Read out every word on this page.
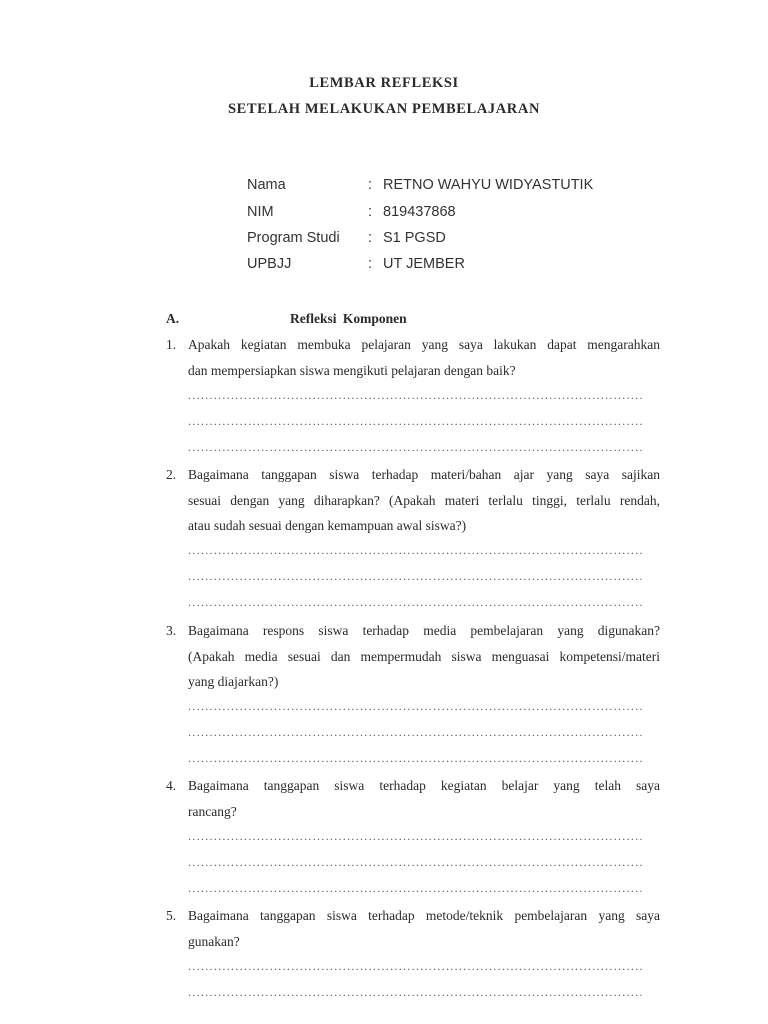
LEMBAR REFLEKSI
SETELAH MELAKUKAN PEMBELAJARAN
Nama	: RETNO WAHYU WIDYASTUTIK
NIM	: 819437868
Program Studi : S1 PGSD
UPBJJ	: UT JEMBER
A.	Refleksi Komponen
1. Apakah kegiatan membuka pelajaran yang saya lakukan dapat mengarahkan
dan mempersiapkan siswa mengikuti pelajaran dengan baik?
..........................................................................................................
..........................................................................................................
..........................................................................................................
2. Bagaimana tanggapan siswa terhadap materi/bahan ajar yang saya sajikan
sesuai dengan yang diharapkan? (Apakah materi terlalu tinggi, terlalu rendah,
atau sudah sesuai dengan kemampuan awal siswa?)
..........................................................................................................
..........................................................................................................
..........................................................................................................
3. Bagaimana respons siswa terhadap media pembelajaran yang digunakan?
(Apakah media sesuai dan mempermudah siswa menguasai kompetensi/materi
yang diajarkan?)
..........................................................................................................
..........................................................................................................
..........................................................................................................
4. Bagaimana tanggapan siswa terhadap kegiatan belajar yang telah saya
rancang?
..........................................................................................................
..........................................................................................................
..........................................................................................................
5. Bagaimana tanggapan siswa terhadap metode/teknik pembelajaran yang saya
gunakan?
..........................................................................................................
..........................................................................................................
